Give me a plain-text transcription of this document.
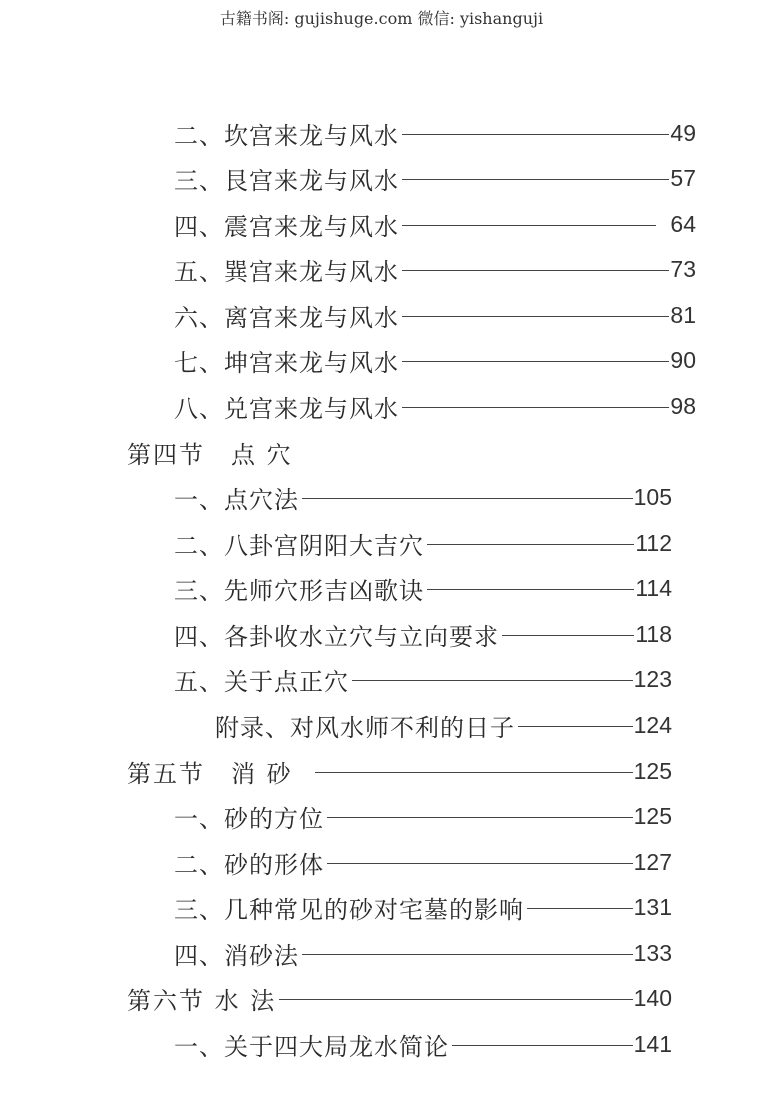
古籍书阁: gujishuge.com 微信: yishanguji
二、坎宫来龙与风水	49
三、艮宫来龙与风水	57
四、震宫来龙与风水	64
五、巽宫来龙与风水	73
六、离宫来龙与风水	81
七、坤宫来龙与风水	90
八、兑宫来龙与风水	98
第四节　点 穴
一、点穴法	105
二、八卦宫阴阳大吉穴	112
三、先师穴形吉凶歌诀	114
四、各卦收水立穴与立向要求	118
五、关于点正穴	123
附录、对风水师不利的日子	124
第五节　消 砂	125
一、砂的方位	125
二、砂的形体	127
三、几种常见的砂对宅墓的影响	131
四、消砂法	133
第六节 水 法	140
一、关于四大局龙水简论	141
